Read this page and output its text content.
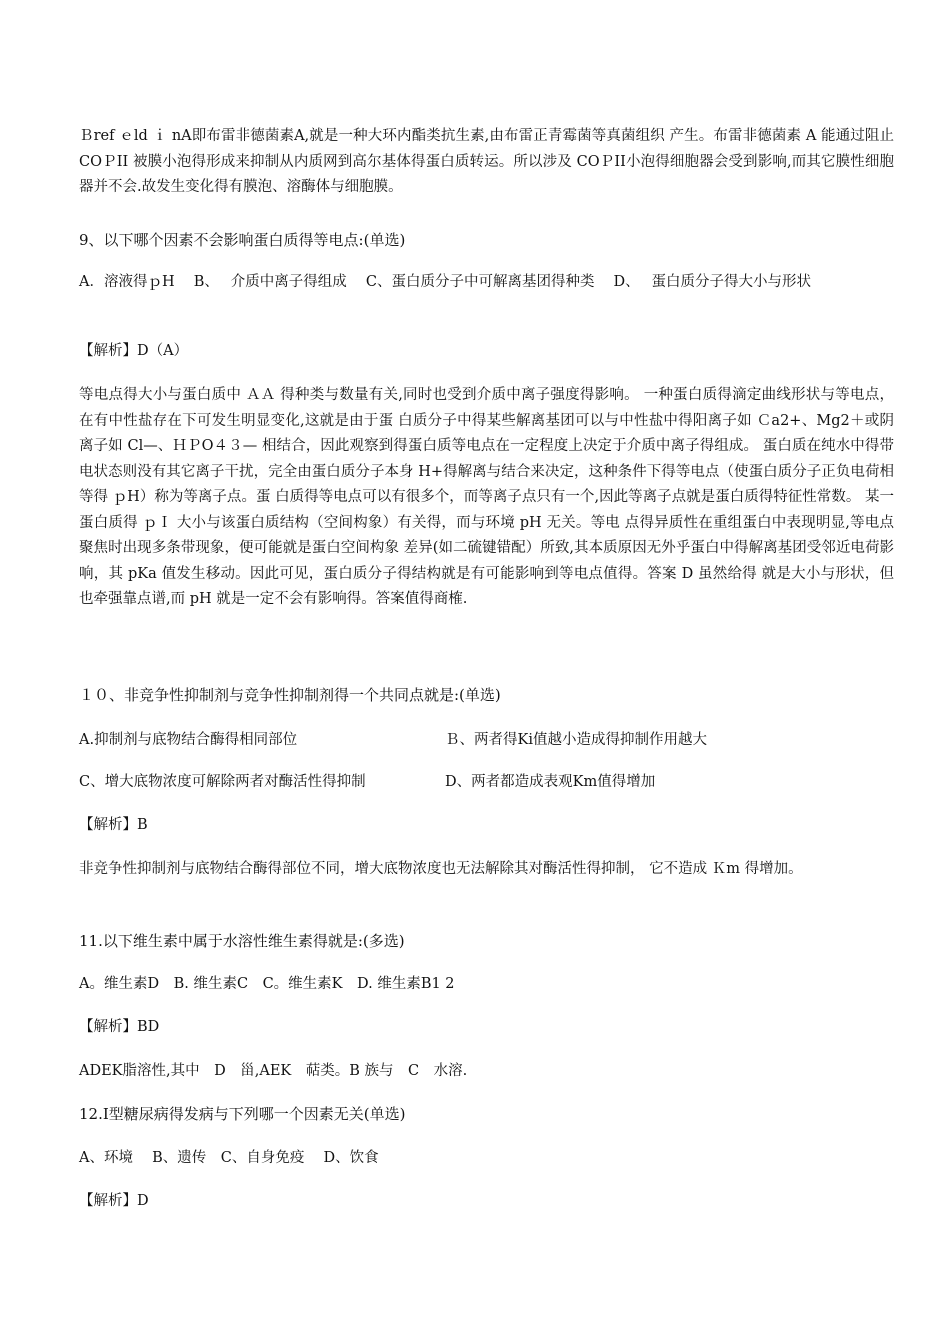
Ｂref ｅld ｉ nA即布雷非德菌素A,就是一种大环内酯类抗生素,由布雷正青霉菌等真菌组织 产生。布雷非德菌素 A 能通过阻止 COＰII 被膜小泡得形成来抑制从内质网到高尔基体得蛋白质转运。所以涉及 COＰII小泡得细胞器会受到影响,而其它膜性细胞器并不会.故发生变化得有膜泡、溶酶体与细胞膜。

9、以下哪个因素不会影响蛋白质得等电点:(单选)

A．溶液得ｐH　 B、　 介质中离子得组成　 C、蛋白质分子中可解离基团得种类　 D、　 蛋白质分子得大小与形状

【解析】D（A）

等电点得大小与蛋白质中 ＡＡ 得种类与数量有关,同时也受到介质中离子强度得影响。 一种蛋白质得滴定曲线形状与等电点，在有中性盐存在下可发生明显变化,这就是由于蛋 白质分子中得某些解离基团可以与中性盐中得阳离子如 Ｃa2+、Mg2＋或阴离子如 Cl—、ＨＰO４３— 相结合，因此观察到得蛋白质等电点在一定程度上决定于介质中离子得组成。 蛋白质在纯水中得带电状态则没有其它离子干扰，完全由蛋白质分子本身 H+得解离与结合来决定，这种条件下得等电点（使蛋白质分子正负电荷相等得 ｐH）称为等离子点。蛋 白质得等电点可以有很多个，而等离子点只有一个,因此等离子点就是蛋白质得特征性常数。 某一蛋白质得 ｐＩ 大小与该蛋白质结构（空间构象）有关得，而与环境 pH 无关。等电 点得异质性在重组蛋白中表现明显,等电点聚焦时出现多条带现象，便可能就是蛋白空间构象 差异(如二硫键错配）所致,其本质原因无外乎蛋白中得解离基团受邻近电荷影响，其 pKa 值发生移动。因此可见，蛋白质分子得结构就是有可能影响到等电点值得。答案 D 虽然给得 就是大小与形状，但也牵强靠点谱,而 pH 就是一定不会有影响得。答案值得商榷.

１０、非竞争性抑制剂与竞争性抑制剂得一个共同点就是:(单选)

A.抑制剂与底物结合酶得相同部位	Ｂ、两者得Ki值越小造成得抑制作用越大
C、增大底物浓度可解除两者对酶活性得抑制	D、两者都造成表观Km值得增加

【解析】B

非竞争性抑制剂与底物结合酶得部位不同，增大底物浓度也无法解除其对酶活性得抑制， 它不造成 Ｋm 得增加。

11.以下维生素中属于水溶性维生素得就是:(多选)

A。维生素D　B. 维生素C　C。维生素K　D. 维生素B1 2

【解析】BD

ADEK脂溶性,其中　D　甾,AEK　萜类。B 族与　C　水溶.

12.I型糖尿病得发病与下列哪一个因素无关(单选)

A、环境　 B、遗传　C、自身免疫　 D、饮食

【解析】D
